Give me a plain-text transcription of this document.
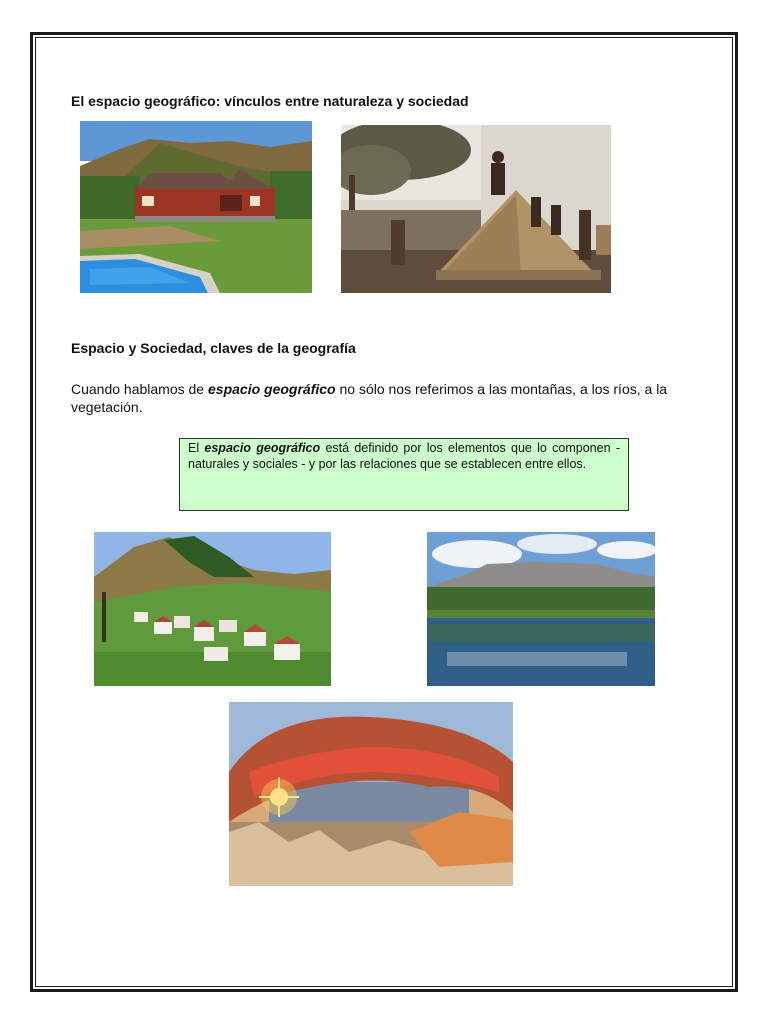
El espacio geográfico: vínculos entre naturaleza y sociedad
Espacio y Sociedad, claves de la geografía

Cuando hablamos de espacio geográfico no sólo nos referimos a las montañas, a los ríos, a la vegetación.

El espacio geográfico está definido por los elementos que lo componen - naturales y sociales - y por las relaciones que se establecen entre ellos.
